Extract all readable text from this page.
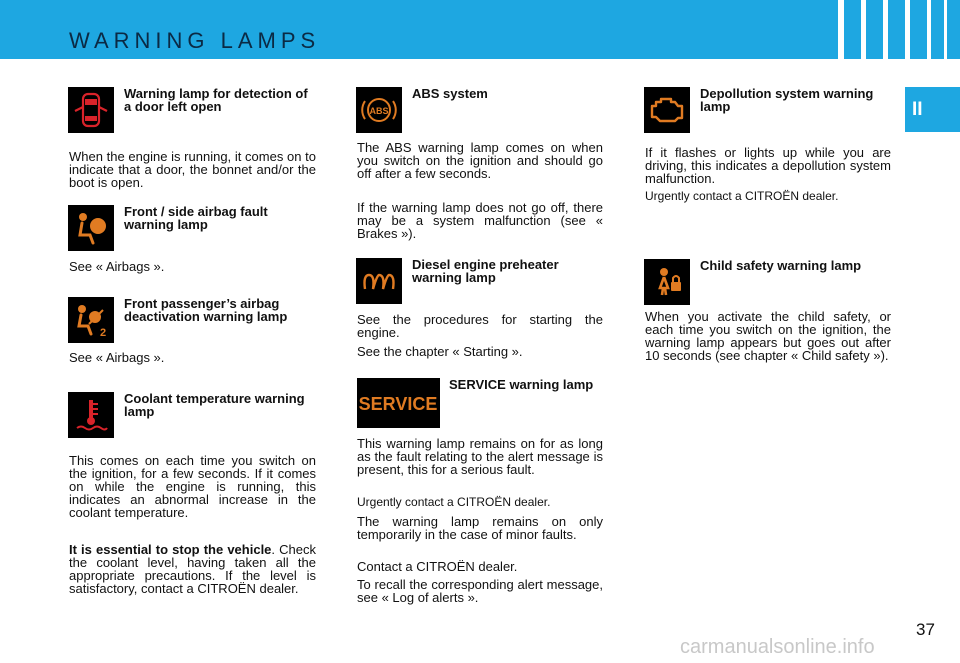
WARNING LAMPS
II
Warning lamp for detection of a door left open
When the engine is running, it comes on to indicate that a door, the bonnet and/or the boot is open.
Front / side airbag fault warning lamp
See « Airbags ».
2
Front passenger’s airbag deactivation warning lamp
See « Airbags ».
Coolant temperature warning lamp
This comes on each time you switch on the ignition, for a few seconds. If it comes on while the engine is running, this indicates an abnormal increase in the coolant temperature.
It is essential to stop the vehicle. Check the coolant level, having taken all the appropriate precautions. If the level is satisfactory, contact a CITROËN dealer.
ABS
ABS system
The ABS warning lamp comes on when you switch on the ignition and should go off after a few seconds.
If the warning lamp does not go off, there may be a system malfunction (see « Brakes »).
Diesel engine preheater warning lamp
See the procedures for starting the engine.
See the chapter « Starting ».
SERVICE
SERVICE warning lamp
This warning lamp remains on for as long as the fault relating to the alert message is present, this for a serious fault.
Urgently contact a CITROËN dealer.
The warning lamp remains on only temporarily in the case of minor faults.
Contact a CITROËN dealer.
To recall the corresponding alert message, see « Log of alerts ».
Depollution system warning lamp
If it flashes or lights up while you are driving, this indicates a depollution system malfunction.
Urgently contact a CITROËN dealer.
Child safety warning lamp
When you activate the child safety, or each time you switch on the ignition, the warning lamp appears but goes out after 10 seconds (see chapter « Child safety »).
37
carmanualsonline.info
